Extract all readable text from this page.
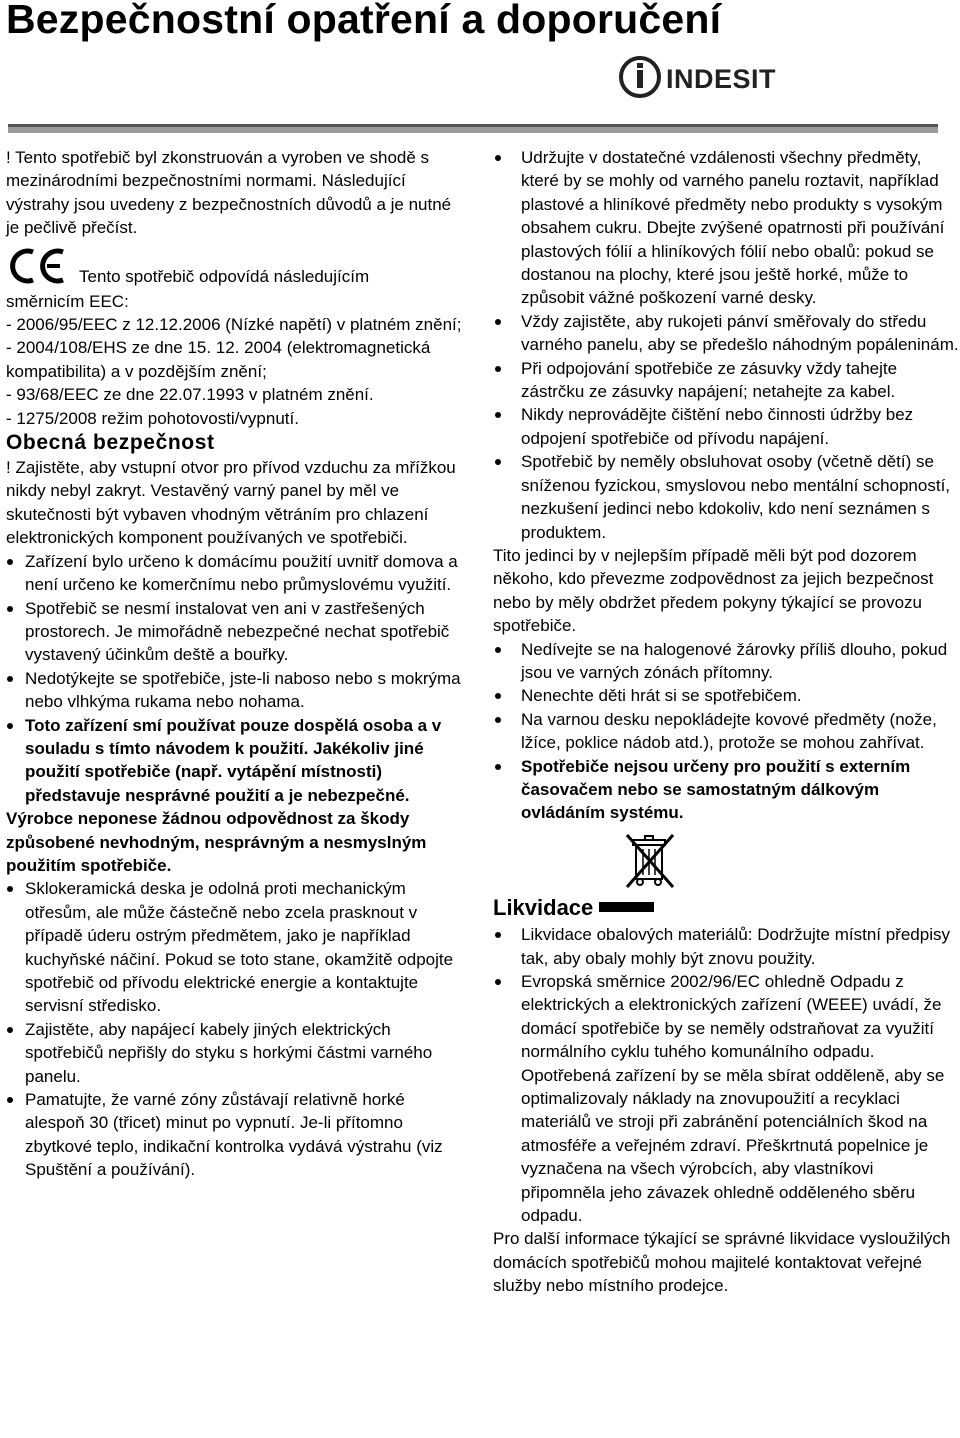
Bezpečnostní opatření a doporučení
INDESIT

! Tento spotřebič byl zkonstruován a vyroben ve shodě s mezinárodními bezpečnostními normami. Následující výstrahy jsou uvedeny z bezpečnostních důvodů a je nutné je pečlivě přečíst.

Tento spotřebič odpovídá následujícím

směrnicím EEC:

- 2006/95/EEC z 12.12.2006 (Nízké napětí) v platném znění;

- 2004/108/EHS ze dne 15. 12. 2004 (elektromagnetická kompatibilita) a v pozdějším znění;

- 93/68/EEC ze dne 22.07.1993 v platném znění.

- 1275/2008 režim pohotovosti/vypnutí.

Obecná bezpečnost

! Zajistěte, aby vstupní otvor pro přívod vzduchu za mřížkou nikdy nebyl zakryt. Vestavěný varný panel by měl ve skutečnosti být vybaven vhodným větráním pro chlazení elektronických komponent používaných ve spotřebiči.

Zařízení bylo určeno k domácímu použití uvnitř domova a není určeno ke komerčnímu nebo průmyslovému využití.
Spotřebič se nesmí instalovat ven ani v zastřešených prostorech. Je mimořádně nebezpečné nechat spotřebič vystavený účinkům deště a bouřky.
Nedotýkejte se spotřebiče, jste-li naboso nebo s mokrýma nebo vlhkýma rukama nebo nohama.
Toto zařízení smí používat pouze dospělá osoba a v souladu s tímto návodem k použití. Jakékoliv jiné použití spotřebiče (např. vytápění místnosti) představuje nesprávné použití a je nebezpečné.

Výrobce neponese žádnou odpovědnost za škody způsobené nevhodným, nesprávným a nesmyslným použitím spotřebiče.

Sklokeramická deska je odolná proti mechanickým otřesům, ale může částečně nebo zcela prasknout v případě úderu ostrým předmětem, jako je například kuchyňské náčiní. Pokud se toto stane, okamžitě odpojte spotřebič od přívodu elektrické energie a kontaktujte servisní středisko.
Zajistěte, aby napájecí kabely jiných elektrických spotřebičů nepřišly do styku s horkými částmi varného panelu.
Pamatujte, že varné zóny zůstávají relativně horké alespoň 30 (třicet) minut po vypnutí. Je-li přítomno zbytkové teplo, indikační kontrolka vydává výstrahu (viz Spuštění a používání).
Udržujte v dostatečné vzdálenosti všechny předměty, které by se mohly od varného panelu roztavit, například plastové a hliníkové předměty nebo produkty s vysokým obsahem cukru. Dbejte zvýšené opatrnosti při používání plastových fólií a hliníkových fólií nebo obalů: pokud se dostanou na plochy, které jsou ještě horké, může to způsobit vážné poškození varné desky.
Vždy zajistěte, aby rukojeti pánví směřovaly do středu varného panelu, aby se předešlo náhodným popáleninám.
Při odpojování spotřebiče ze zásuvky vždy tahejte zástrčku ze zásuvky napájení; netahejte za kabel.
Nikdy neprovádějte čištění nebo činnosti údržby bez odpojení spotřebiče od přívodu napájení.
Spotřebič by neměly obsluhovat osoby (včetně dětí) se sníženou fyzickou, smyslovou nebo mentální schopností, nezkušení jedinci nebo kdokoliv, kdo není seznámen s produktem.

Tito jedinci by v nejlepším případě měli být pod dozorem někoho, kdo převezme zodpovědnost za jejich bezpečnost nebo by měly obdržet předem pokyny týkající se provozu spotřebiče.

Nedívejte se na halogenové žárovky příliš dlouho, pokud jsou ve varných zónách přítomny.
Nenechte děti hrát si se spotřebičem.
Na varnou desku nepokládejte kovové předměty (nože, lžíce, poklice nádob atd.), protože se mohou zahřívat.
Spotřebiče nejsou určeny pro použití s externím časovačem nebo se samostatným dálkovým ovládáním systému.
Likvidace
Likvidace obalových materiálů: Dodržujte místní předpisy tak, aby obaly mohly být znovu použity.
Evropská směrnice 2002/96/EC ohledně Odpadu z elektrických a elektronických zařízení (WEEE) uvádí, že domácí spotřebiče by se neměly odstraňovat za využití normálního cyklu tuhého komunálního odpadu. Opotřebená zařízení by se měla sbírat odděleně, aby se optimalizovaly náklady na znovupoužití a recyklaci materiálů ve stroji při zabránění potenciálních škod na atmosféře a veřejném zdraví. Přeškrtnutá popelnice je vyznačena na všech výrobcích, aby vlastníkovi připomněla jeho závazek ohledně odděleného sběru odpadu.

Pro další informace týkající se správné likvidace vysloužilých domácích spotřebičů mohou majitelé kontaktovat veřejné služby nebo místního prodejce.
